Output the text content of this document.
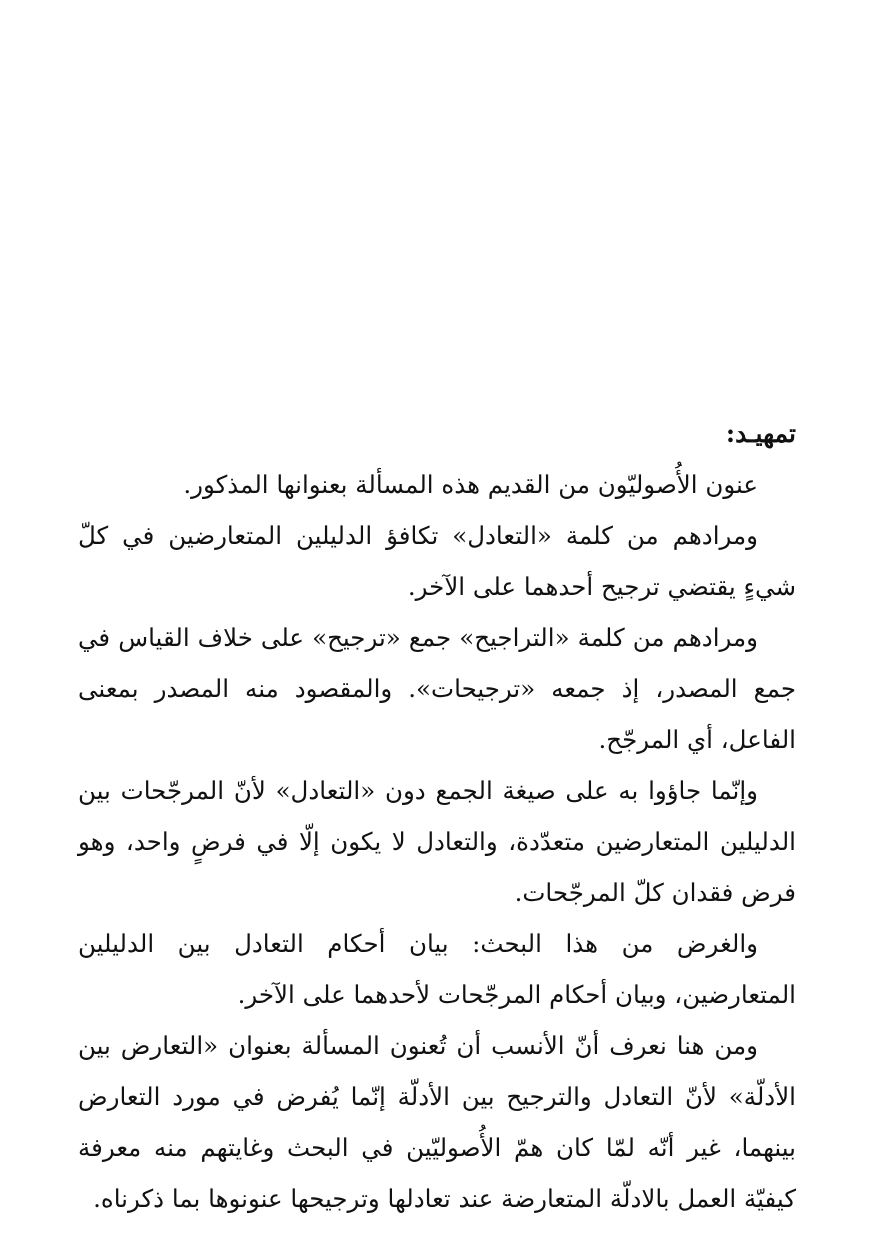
تمهيـد:

عنون الأُصوليّون من القديم هذه المسألة بعنوانها المذكور.

ومرادهم من كلمة «التعادل» تكافؤ الدليلين المتعارضين في كلّ شيءٍ يقتضي ترجيح أحدهما على الآخر.

ومرادهم من كلمة «التراجيح» جمع «ترجيح» على خلاف القياس في جمع المصدر، إذ جمعه «ترجيحات». والمقصود منه المصدر بمعنى الفاعل، أي المرجّح.

وإنّما جاؤوا به على صيغة الجمع دون «التعادل» لأنّ المرجّحات بين الدليلين المتعارضين متعدّدة، والتعادل لا يكون إلّا في فرضٍ واحد، وهو فرض فقدان كلّ المرجّحات.

والغرض من هذا البحث: بيان أحكام التعادل بين الدليلين المتعارضين، وبيان أحكام المرجّحات لأحدهما على الآخر.

ومن هنا نعرف أنّ الأنسب أن تُعنون المسألة بعنوان «التعارض بين الأدلّة» لأنّ التعادل والترجيح بين الأدلّة إنّما يُفرض في مورد التعارض بينهما، غير أنّه لمّا كان همّ الأُصوليّين في البحث وغايتهم منه معرفة كيفيّة العمل بالادلّة المتعارضة عند تعادلها وترجيحها عنونوها بما ذكرناه.
